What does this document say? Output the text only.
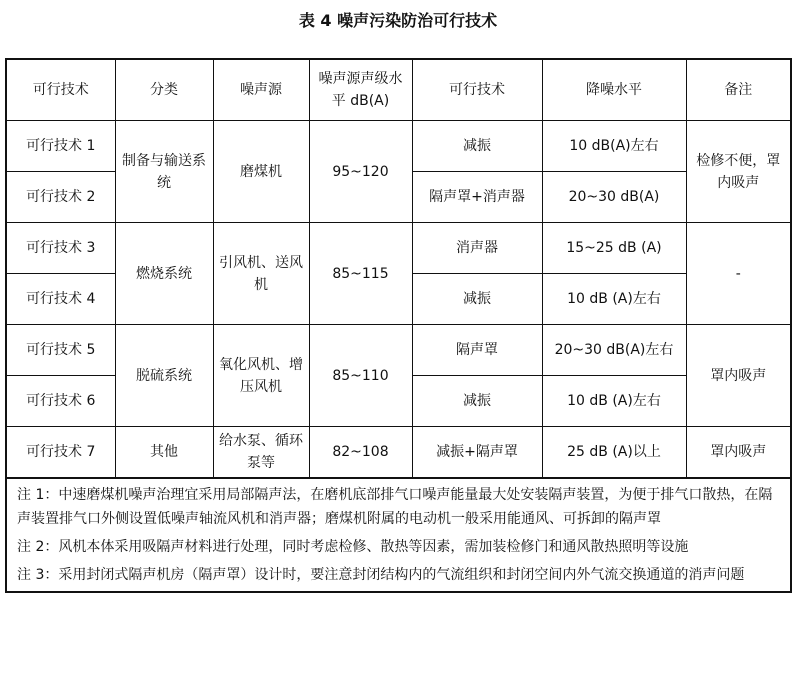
表 4 噪声污染防治可行技术
可行技术	分类	噪声源	噪声源声级水平 dB(A)	可行技术	降噪水平	备注
可行技术 1	制备与输送系统	磨煤机	95~120	减振	10 dB(A)左右	检修不便，罩内吸声
可行技术 2				隔声罩+消声器	20~30 dB(A)	
可行技术 3	燃烧系统	引风机、送风机	85~115	消声器	15~25 dB (A)	-
可行技术 4				减振	10 dB (A)左右	
可行技术 5	脱硫系统	氧化风机、增压风机	85~110	隔声罩	20~30 dB(A)左右	罩内吸声
可行技术 6				减振	10 dB (A)左右	
可行技术 7	其他	给水泵、循环泵等	82~108	减振+隔声罩	25 dB (A)以上	罩内吸声

注 1：中速磨煤机噪声治理宜采用局部隔声法，在磨机底部排气口噪声能量最大处安装隔声装置，为便于排气口散热，在隔声装置排气口外侧设置低噪声轴流风机和消声器；磨煤机附属的电动机一般采用能通风、可拆卸的隔声罩
注 2：风机本体采用吸隔声材料进行处理，同时考虑检修、散热等因素，需加装检修门和通风散热照明等设施
注 3：采用封闭式隔声机房（隔声罩）设计时，要注意封闭结构内的气流组织和封闭空间内外气流交换通道的消声问题						
